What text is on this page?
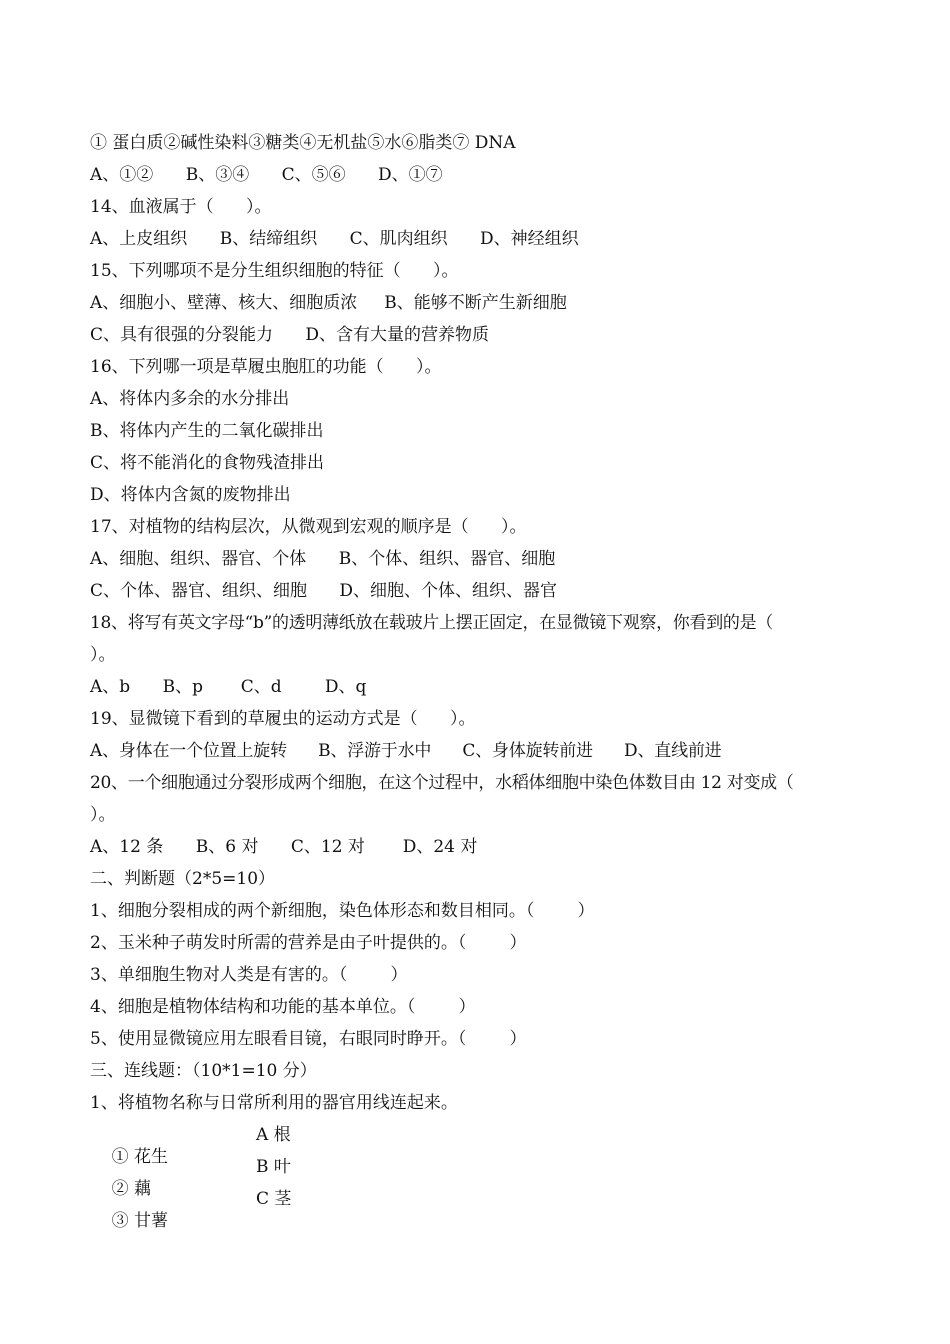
① 蛋白质②碱性染料③糖类④无机盐⑤水⑥脂类⑦ DNA
A、①②      B、③④      C、⑤⑥      D、①⑦
14、血液属于（      ）。
A、上皮组织      B、结缔组织      C、肌肉组织      D、神经组织
15、下列哪项不是分生组织细胞的特征（      ）。
A、细胞小、壁薄、核大、细胞质浓     B、能够不断产生新细胞
C、具有很强的分裂能力      D、含有大量的营养物质
16、下列哪一项是草履虫胞肛的功能（      ）。
A、将体内多余的水分排出
B、将体内产生的二氧化碳排出
C、将不能消化的食物残渣排出
D、将体内含氮的废物排出
17、对植物的结构层次，从微观到宏观的顺序是（      ）。
A、细胞、组织、器官、个体      B、个体、组织、器官、细胞
C、个体、器官、组织、细胞      D、细胞、个体、组织、器官
18、将写有英文字母“b”的透明薄纸放在载玻片上摆正固定，在显微镜下观察，你看到的是（
）。
A、b      B、p       C、d        D、q
19、显微镜下看到的草履虫的运动方式是（      ）。
A、身体在一个位置上旋转      B、浮游于水中      C、身体旋转前进      D、直线前进
20、一个细胞通过分裂形成两个细胞，在这个过程中，水稻体细胞中染色体数目由 12 对变成（
）。
A、12 条      B、6 对      C、12 对       D、24 对
二、判断题（2*5=10）
1、细胞分裂相成的两个新细胞，染色体形态和数目相同。（        ）
2、玉米种子萌发时所需的营养是由子叶提供的。（        ）
3、单细胞生物对人类是有害的。（        ）
4、细胞是植物体结构和功能的基本单位。（        ）
5、使用显微镜应用左眼看目镜，右眼同时睁开。（        ）
三、连线题：（10*1=10 分）
1、将植物名称与日常所利用的器官用线连起来。

① 花生

A 根

② 藕

B 叶

③ 甘薯

C 茎
